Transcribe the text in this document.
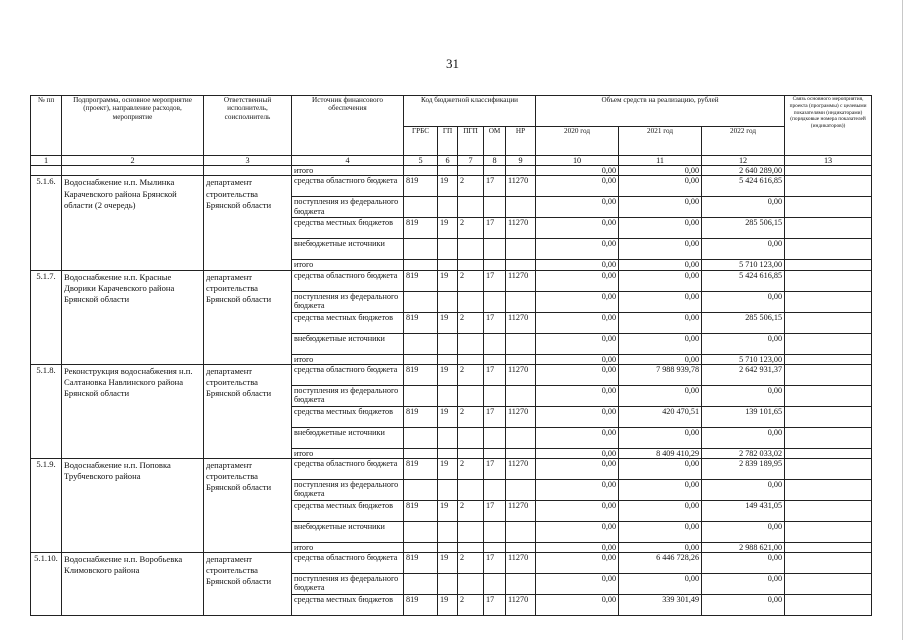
31
№ пп	Подпрограмма, основное мероприятие (проект), направление расходов, мероприятие	Ответственный исполнитель, соисполнитель	Источник финансового обеспечения	Код бюджетной классификации					Объем средств на реализацию, рублей			Связь основного мероприятия, проекта (программы) с целевыми показателями (индикаторами) (порядковые номера показателей (индикаторов))
				ГРБС	ГП	ПГП	ОМ	НР	2020 год	2021 год	2022 год	
1	2	3	4	5	6	7	8	9	10	11	12	13
			итого						0,00	0,00	2 640 289,00	
5.1.6.	Водоснабжение н.п. Мылинка Карачевского района Брянской области (2 очередь)	департамент строительства Брянской области	средства областного бюджета	819	19	2	17	11270	0,00	0,00	5 424 616,85	
			поступления из федерального бюджета						0,00	0,00	0,00	
			средства местных бюджетов	819	19	2	17	11270	0,00	0,00	285 506,15	
			внебюджетные источники						0,00	0,00	0,00	
			итого						0,00	0,00	5 710 123,00	
5.1.7.	Водоснабжение н.п. Красные Дворики Карачевского района Брянской области	департамент строительства Брянской области	средства областного бюджета	819	19	2	17	11270	0,00	0,00	5 424 616,85	
			поступления из федерального бюджета						0,00	0,00	0,00	
			средства местных бюджетов	819	19	2	17	11270	0,00	0,00	285 506,15	
			внебюджетные источники						0,00	0,00	0,00	
			итого						0,00	0,00	5 710 123,00	
5.1.8.	Реконструкция водоснабжения н.п. Салтановка Навлинского района Брянской области	департамент строительства Брянской области	средства областного бюджета	819	19	2	17	11270	0,00	7 988 939,78	2 642 931,37	
			поступления из федерального бюджета						0,00	0,00	0,00	
			средства местных бюджетов	819	19	2	17	11270	0,00	420 470,51	139 101,65	
			внебюджетные источники						0,00	0,00	0,00	
			итого						0,00	8 409 410,29	2 782 033,02	
5.1.9.	Водоснабжение н.п. Поповка Трубчевского района	департамент строительства Брянской области	средства областного бюджета	819	19	2	17	11270	0,00	0,00	2 839 189,95	
			поступления из федерального бюджета						0,00	0,00	0,00	
			средства местных бюджетов	819	19	2	17	11270	0,00	0,00	149 431,05	
			внебюджетные источники						0,00	0,00	0,00	
			итого						0,00	0,00	2 988 621,00	
5.1.10.	Водоснабжение н.п. Воробьевка Климовского района	департамент строительства Брянской области	средства областного бюджета	819	19	2	17	11270	0,00	6 446 728,26	0,00	
			поступления из федерального бюджета						0,00	0,00	0,00	
			средства местных бюджетов	819	19	2	17	11270	0,00	339 301,49	0,00	
